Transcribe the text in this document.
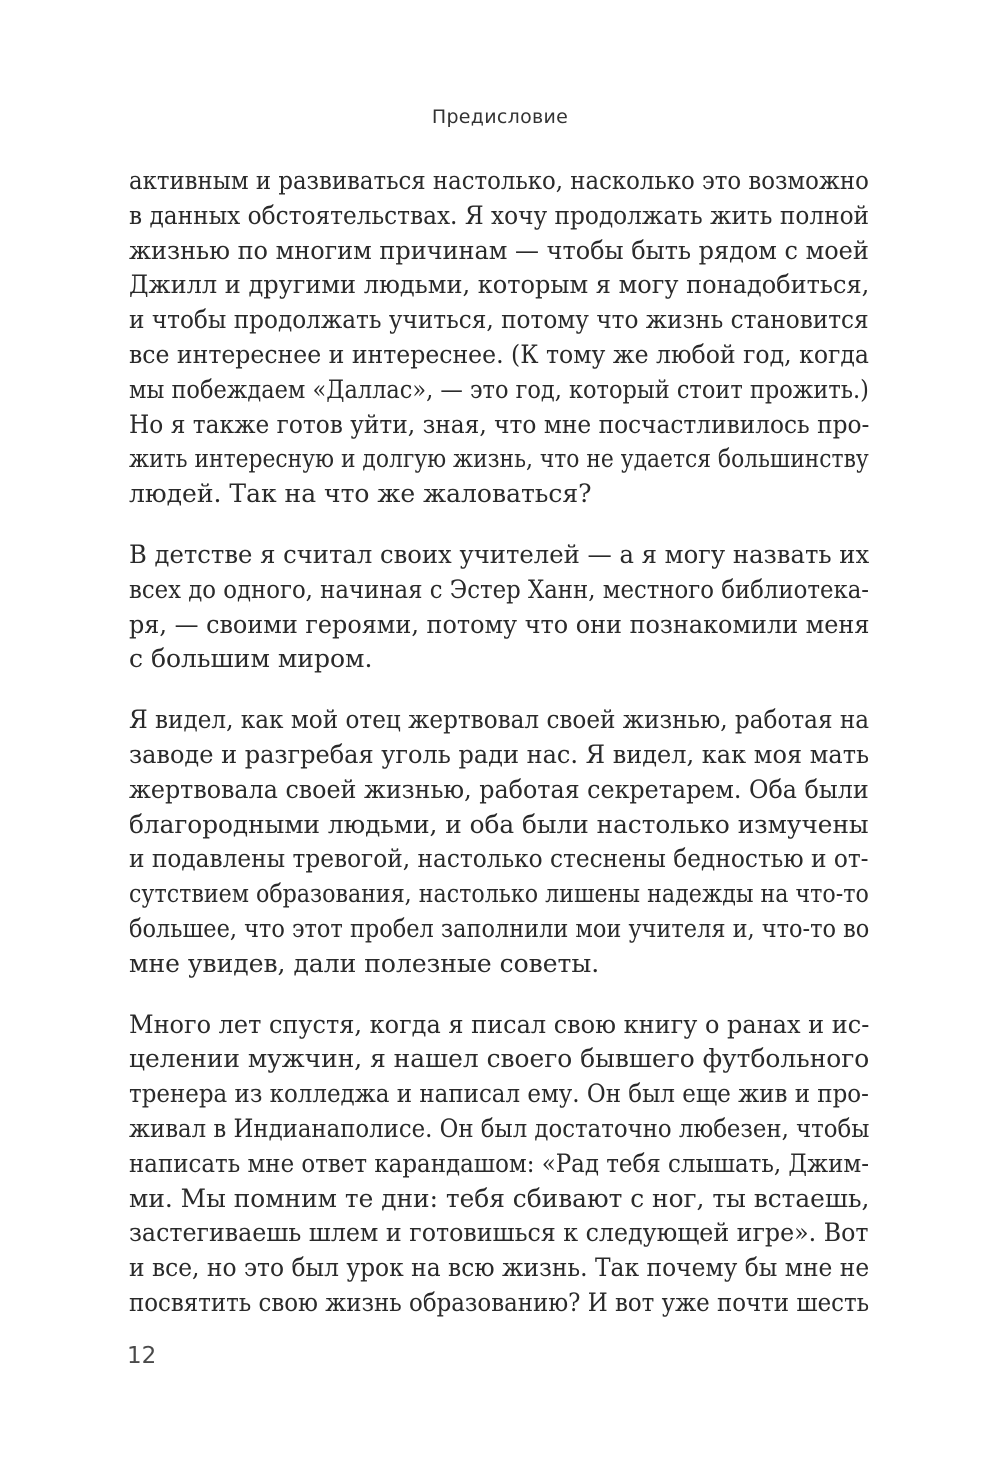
Предисловие

активным и развиваться настолько, насколько это возможно
в данных обстоятельствах. Я хочу продолжать жить полной
жизнью по многим причинам — чтобы быть рядом с моей
Джилл и другими людьми, которым я могу понадобиться,
и чтобы продолжать учиться, потому что жизнь становится
все интереснее и интереснее. (К тому же любой год, когда
мы побеждаем «Даллас», — это год, который стоит прожить.)
Но я также готов уйти, зная, что мне посчастливилось про-
жить интересную и долгую жизнь, что не удается большинству
людей. Так на что же жаловаться?

В детстве я считал своих учителей — а я могу назвать их
всех до одного, начиная с Эстер Ханн, местного библиотека-
ря, — своими героями, потому что они познакомили меня
с большим миром.

Я видел, как мой отец жертвовал своей жизнью, работая на
заводе и разгребая уголь ради нас. Я видел, как моя мать
жертвовала своей жизнью, работая секретарем. Оба были
благородными людьми, и оба были настолько измучены
и подавлены тревогой, настолько стеснены бедностью и от-
сутствием образования, настолько лишены надежды на что-то
большее, что этот пробел заполнили мои учителя и, что-то во
мне увидев, дали полезные советы.

Много лет спустя, когда я писал свою книгу о ранах и ис-
целении мужчин, я нашел своего бывшего футбольного
тренера из колледжа и написал ему. Он был еще жив и про-
живал в Индианаполисе. Он был достаточно любезен, чтобы
написать мне ответ карандашом: «Рад тебя слышать, Джим-
ми. Мы помним те дни: тебя сбивают с ног, ты встаешь,
застегиваешь шлем и готовишься к следующей игре». Вот
и все, но это был урок на всю жизнь. Так почему бы мне не
посвятить свою жизнь образованию? И вот уже почти шесть

12
